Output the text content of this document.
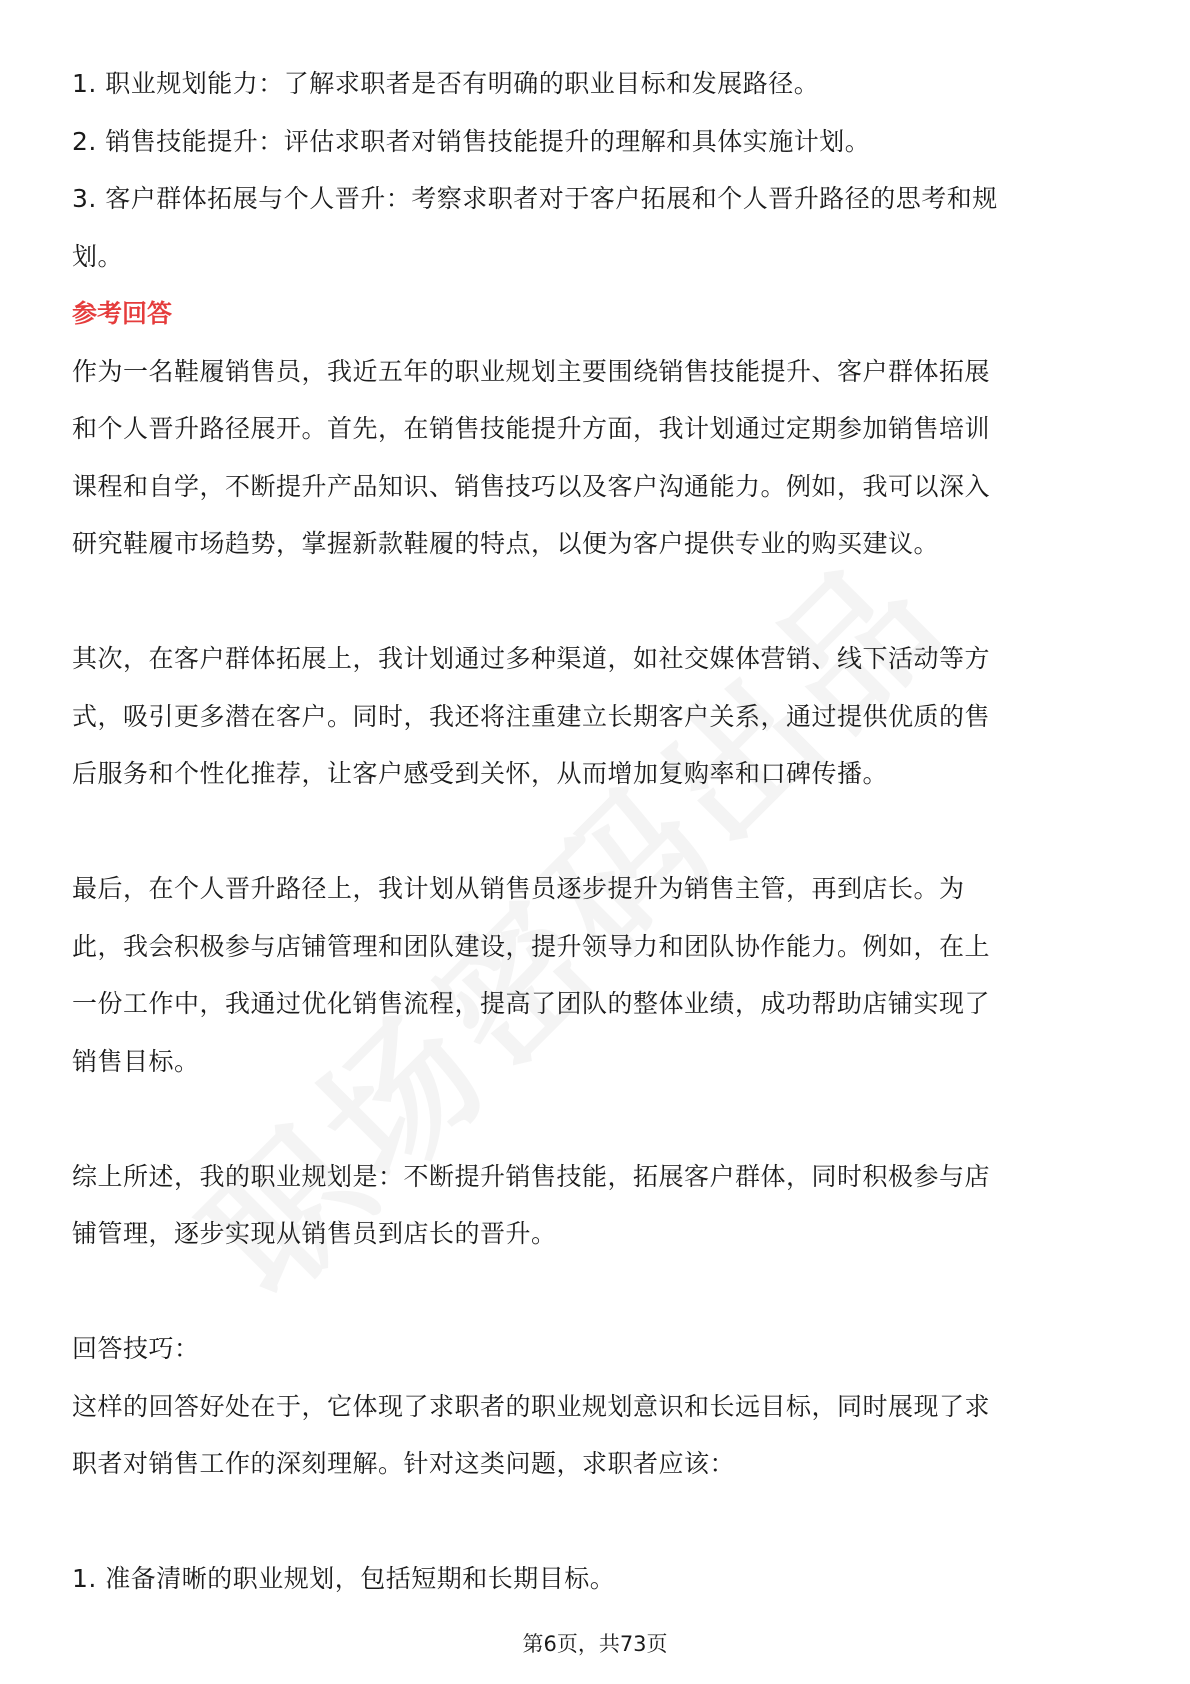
1. 职业规划能力：了解求职者是否有明确的职业目标和发展路径。
2. 销售技能提升：评估求职者对销售技能提升的理解和具体实施计划。
3. 客户群体拓展与个人晋升：考察求职者对于客户拓展和个人晋升路径的思考和规
划。
参考回答
作为一名鞋履销售员，我近五年的职业规划主要围绕销售技能提升、客户群体拓展
和个人晋升路径展开。首先，在销售技能提升方面，我计划通过定期参加销售培训
课程和自学，不断提升产品知识、销售技巧以及客户沟通能力。例如，我可以深入
研究鞋履市场趋势，掌握新款鞋履的特点，以便为客户提供专业的购买建议。
其次，在客户群体拓展上，我计划通过多种渠道，如社交媒体营销、线下活动等方
式，吸引更多潜在客户。同时，我还将注重建立长期客户关系，通过提供优质的售
后服务和个性化推荐，让客户感受到关怀，从而增加复购率和口碑传播。
最后，在个人晋升路径上，我计划从销售员逐步提升为销售主管，再到店长。为
此，我会积极参与店铺管理和团队建设，提升领导力和团队协作能力。例如，在上
一份工作中，我通过优化销售流程，提高了团队的整体业绩，成功帮助店铺实现了
销售目标。
综上所述，我的职业规划是：不断提升销售技能，拓展客户群体，同时积极参与店
铺管理，逐步实现从销售员到店长的晋升。
回答技巧：
这样的回答好处在于，它体现了求职者的职业规划意识和长远目标，同时展现了求
职者对销售工作的深刻理解。针对这类问题，求职者应该：
1. 准备清晰的职业规划，包括短期和长期目标。
第6页，共73页
